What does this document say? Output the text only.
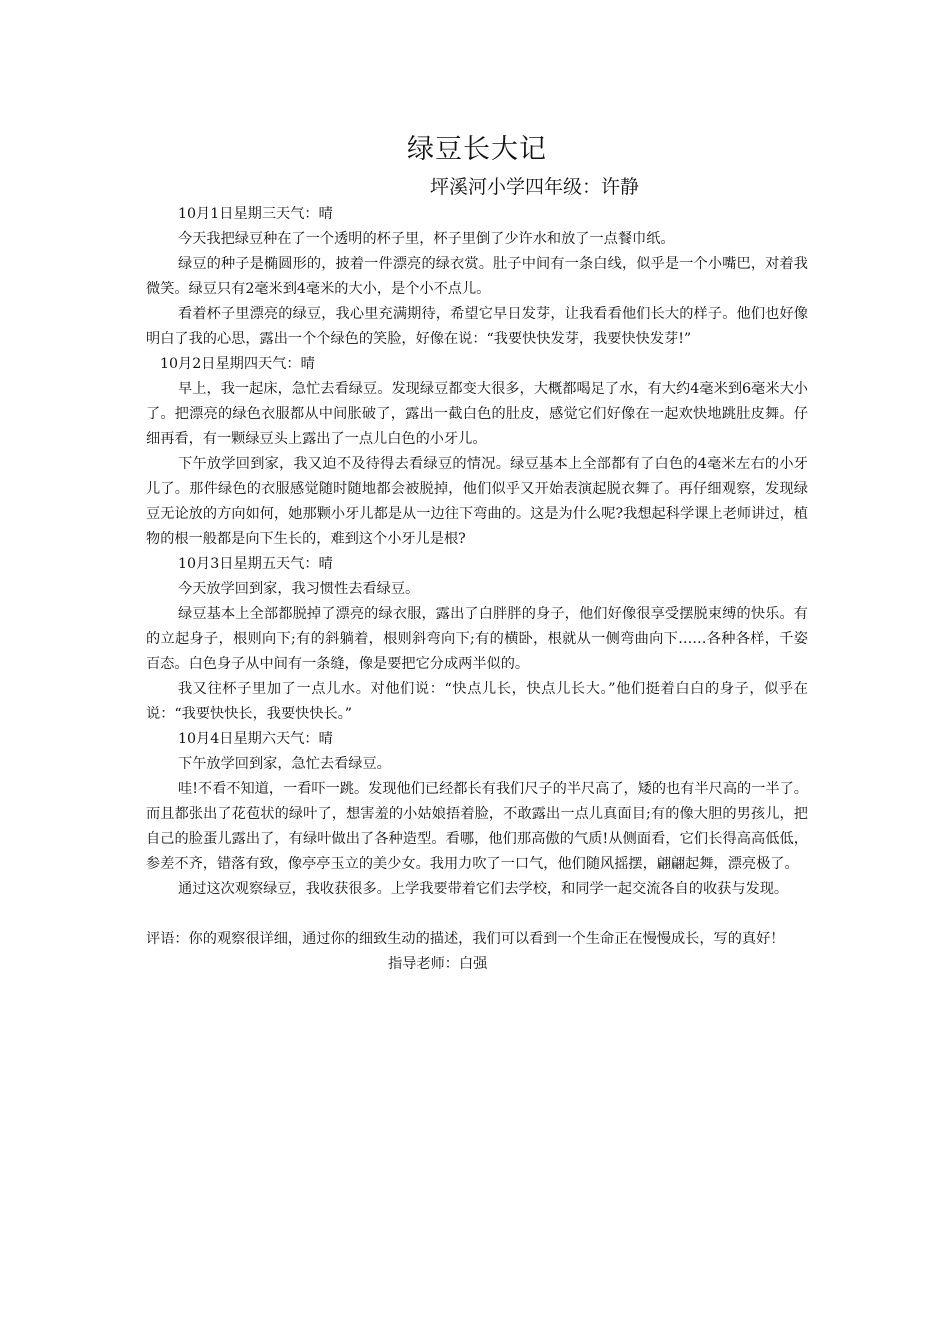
绿豆长大记
坪溪河小学四年级：许静

10月1日星期三天气：晴

今天我把绿豆种在了一个透明的杯子里，杯子里倒了少许水和放了一点餐巾纸。

绿豆的种子是椭圆形的，披着一件漂亮的绿衣赏。肚子中间有一条白线，似乎是一个小嘴巴，对着我微笑。绿豆只有2毫米到4毫米的大小，是个小不点儿。

看着杯子里漂亮的绿豆，我心里充满期待，希望它早日发芽，让我看看他们长大的样子。他们也好像明白了我的心思，露出一个个绿色的笑脸，好像在说：“我要快快发芽，我要快快发芽!”

10月2日星期四天气：晴

早上，我一起床，急忙去看绿豆。发现绿豆都变大很多，大概都喝足了水，有大约4毫米到6毫米大小了。把漂亮的绿色衣服都从中间胀破了，露出一截白色的肚皮，感觉它们好像在一起欢快地跳肚皮舞。仔细再看，有一颗绿豆头上露出了一点儿白色的小牙儿。

下午放学回到家，我又迫不及待得去看绿豆的情况。绿豆基本上全部都有了白色的4毫米左右的小牙儿了。那件绿色的衣服感觉随时随地都会被脱掉，他们似乎又开始表演起脱衣舞了。再仔细观察，发现绿豆无论放的方向如何，她那颗小牙儿都是从一边往下弯曲的。这是为什么呢?我想起科学课上老师讲过，植物的根一般都是向下生长的，难到这个小牙儿是根?

10月3日星期五天气：晴

今天放学回到家，我习惯性去看绿豆。

绿豆基本上全部都脱掉了漂亮的绿衣服，露出了白胖胖的身子，他们好像很享受摆脱束缚的快乐。有的立起身子，根则向下;有的斜躺着，根则斜弯向下;有的横卧，根就从一侧弯曲向下……各种各样，千姿百态。白色身子从中间有一条缝，像是要把它分成两半似的。

我又往杯子里加了一点儿水。对他们说：“快点儿长，快点儿长大。”他们挺着白白的身子，似乎在说：“我要快快长，我要快快长。”

10月4日星期六天气：晴

下午放学回到家，急忙去看绿豆。

哇!不看不知道，一看吓一跳。发现他们已经都长有我们尺子的半尺高了，矮的也有半尺高的一半了。而且都张出了花苞状的绿叶了，想害羞的小姑娘捂着脸，不敢露出一点儿真面目;有的像大胆的男孩儿，把自己的脸蛋儿露出了，有绿叶做出了各种造型。看哪，他们那高傲的气质!从侧面看，它们长得高高低低，参差不齐，错落有致，像亭亭玉立的美少女。我用力吹了一口气，他们随风摇摆，翩翩起舞，漂亮极了。

通过这次观察绿豆，我收获很多。上学我要带着它们去学校，和同学一起交流各自的收获与发现。

评语：你的观察很详细，通过你的细致生动的描述，我们可以看到一个生命正在慢慢成长，写的真好！

指导老师：白强
